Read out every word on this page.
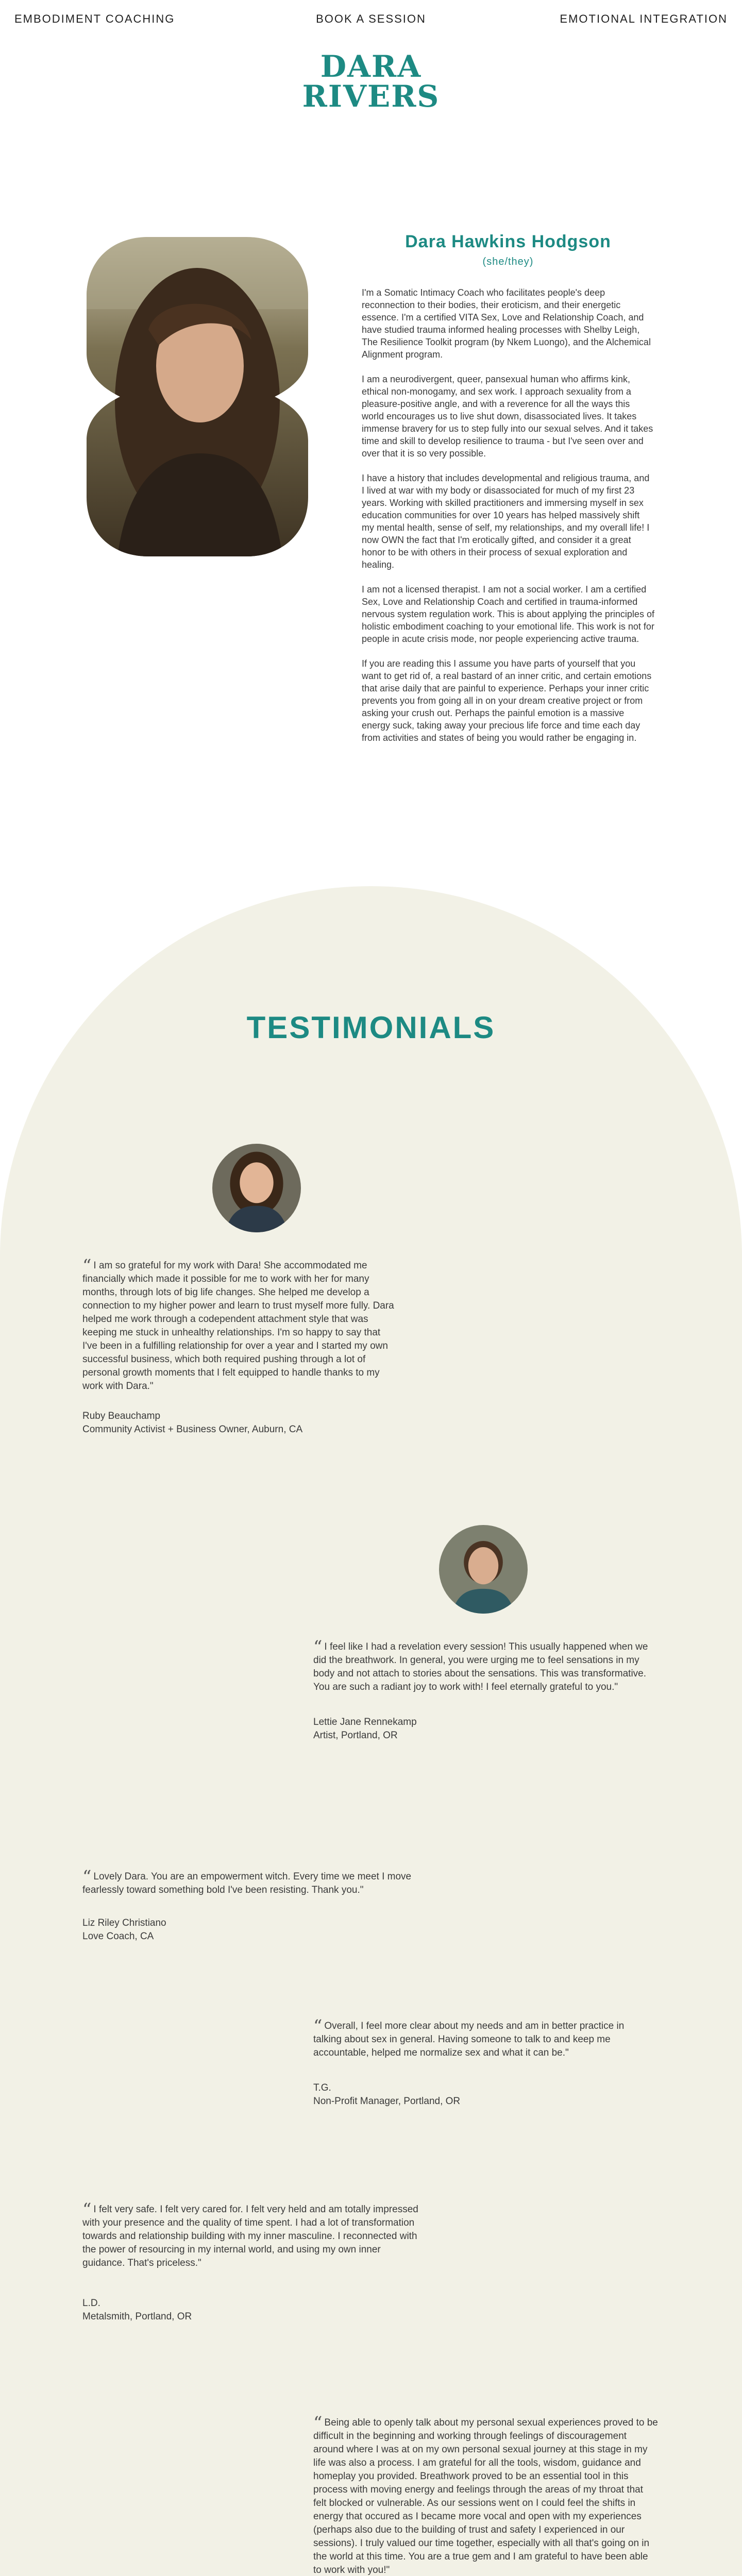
EMBODIMENT COACHING	BOOK A SESSION	EMOTIONAL INTEGRATION
DARA
RIVERS
Dara Hawkins Hodgson
(she/they)

I'm a Somatic Intimacy Coach who facilitates people's deep reconnection to their bodies, their eroticism, and their energetic essence. I'm a certified VITA Sex, Love and Relationship Coach, and have studied trauma informed healing processes with Shelby Leigh, The Resilience Toolkit program (by Nkem Luongo), and the Alchemical Alignment program.

I am a neurodivergent, queer, pansexual human who affirms kink, ethical non-monogamy, and sex work. I approach sexuality from a pleasure-positive angle, and with a reverence for all the ways this world encourages us to live shut down, disassociated lives. It takes immense bravery for us to step fully into our sexual selves. And it takes time and skill to develop resilience to trauma - but I've seen over and over that it is so very possible.

I have a history that includes developmental and religious trauma, and I lived at war with my body or disassociated for much of my first 23 years. Working with skilled practitioners and immersing myself in sex education communities for over 10 years has helped massively shift my mental health, sense of self, my relationships, and my overall life! I now OWN the fact that I'm erotically gifted, and consider it a great honor to be with others in their process of sexual exploration and healing.

I am not a licensed therapist. I am not a social worker. I am a certified Sex, Love and Relationship Coach and certified in trauma-informed nervous system regulation work. This is about applying the principles of holistic embodiment coaching to your emotional life. This work is not for people in acute crisis mode, nor people experiencing active trauma.

If you are reading this I assume you have parts of yourself that you want to get rid of, a real bastard of an inner critic, and certain emotions that arise daily that are painful to experience. Perhaps your inner critic prevents you from going all in on your dream creative project or from asking your crush out. Perhaps the painful emotion is a massive energy suck, taking away your precious life force and time each day from activities and states of being you would rather be engaging in.

TESTIMONIALS

“ I am so grateful for my work with Dara! She accommodated me financially which made it possible for me to work with her for many months, through lots of big life changes. She helped me develop a connection to my higher power and learn to trust myself more fully. Dara helped me work through a codependent attachment style that was keeping me stuck in unhealthy relationships. I'm so happy to say that I've been in a fulfilling relationship for over a year and I started my own successful business, which both required pushing through a lot of personal growth moments that I felt equipped to handle thanks to my work with Dara."

Ruby Beauchamp
Community Activist + Business Owner, Auburn, CA

“ I feel like I had a revelation every session! This usually happened when we did the breathwork. In general, you were urging me to feel sensations in my body and not attach to stories about the sensations. This was transformative. You are such a radiant joy to work with! I feel eternally grateful to you."

Lettie Jane Rennekamp
Artist, Portland, OR

“ Lovely Dara. You are an empowerment witch. Every time we meet I move fearlessly toward something bold I've been resisting. Thank you."

Liz Riley Christiano
Love Coach, CA

“ Overall, I feel more clear about my needs and am in better practice in talking about sex in general. Having someone to talk to and keep me accountable, helped me normalize sex and what it can be."

T.G.
Non-Profit Manager, Portland, OR

“ I felt very safe. I felt very cared for. I felt very held and am totally impressed with your presence and the quality of time spent. I had a lot of transformation towards and relationship building with my inner masculine. I reconnected with the power of resourcing in my internal world, and using my own inner guidance. That's priceless."

L.D.
Metalsmith, Portland, OR

“ Being able to openly talk about my personal sexual experiences proved to be difficult in the beginning and working through feelings of discouragement around where I was at on my own personal sexual journey at this stage in my life was also a process. I am grateful for all the tools, wisdom, guidance and homeplay you provided. Breathwork proved to be an essential tool in this process with moving energy and feelings through the areas of my throat that felt blocked or vulnerable. As our sessions went on I could feel the shifts in energy that occured as I became more vocal and open with my experiences (perhaps also due to the building of trust and safety I experienced in our sessions). I truly valued our time together, especially with all that's going on in the world at this time. You are a true gem and I am grateful to have been able to work with you!"
